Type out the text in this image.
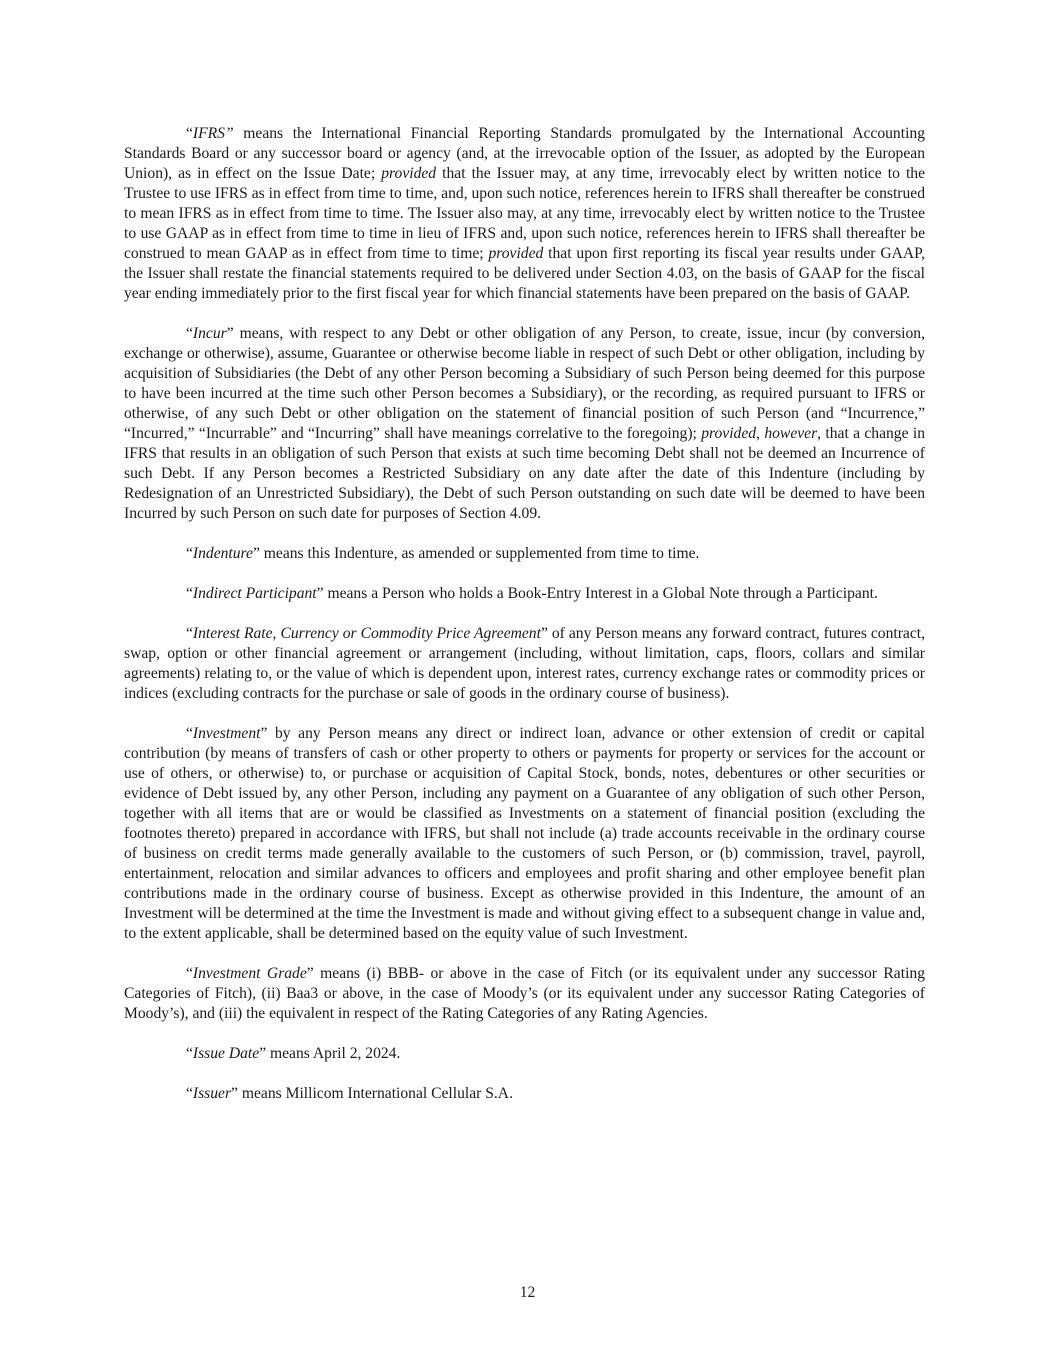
“IFRS” means the International Financial Reporting Standards promulgated by the International Accounting Standards Board or any successor board or agency (and, at the irrevocable option of the Issuer, as adopted by the European Union), as in effect on the Issue Date; provided that the Issuer may, at any time, irrevocably elect by written notice to the Trustee to use IFRS as in effect from time to time, and, upon such notice, references herein to IFRS shall thereafter be construed to mean IFRS as in effect from time to time. The Issuer also may, at any time, irrevocably elect by written notice to the Trustee to use GAAP as in effect from time to time in lieu of IFRS and, upon such notice, references herein to IFRS shall thereafter be construed to mean GAAP as in effect from time to time; provided that upon first reporting its fiscal year results under GAAP, the Issuer shall restate the financial statements required to be delivered under Section 4.03, on the basis of GAAP for the fiscal year ending immediately prior to the first fiscal year for which financial statements have been prepared on the basis of GAAP.

“Incur” means, with respect to any Debt or other obligation of any Person, to create, issue, incur (by conversion, exchange or otherwise), assume, Guarantee or otherwise become liable in respect of such Debt or other obligation, including by acquisition of Subsidiaries (the Debt of any other Person becoming a Subsidiary of such Person being deemed for this purpose to have been incurred at the time such other Person becomes a Subsidiary), or the recording, as required pursuant to IFRS or otherwise, of any such Debt or other obligation on the statement of financial position of such Person (and “Incurrence,” “Incurred,” “Incurrable” and “Incurring” shall have meanings correlative to the foregoing); provided, however, that a change in IFRS that results in an obligation of such Person that exists at such time becoming Debt shall not be deemed an Incurrence of such Debt. If any Person becomes a Restricted Subsidiary on any date after the date of this Indenture (including by Redesignation of an Unrestricted Subsidiary), the Debt of such Person outstanding on such date will be deemed to have been Incurred by such Person on such date for purposes of Section 4.09.

“Indenture” means this Indenture, as amended or supplemented from time to time.

“Indirect Participant” means a Person who holds a Book-Entry Interest in a Global Note through a Participant.

“Interest Rate, Currency or Commodity Price Agreement” of any Person means any forward contract, futures contract, swap, option or other financial agreement or arrangement (including, without limitation, caps, floors, collars and similar agreements) relating to, or the value of which is dependent upon, interest rates, currency exchange rates or commodity prices or indices (excluding contracts for the purchase or sale of goods in the ordinary course of business).

“Investment” by any Person means any direct or indirect loan, advance or other extension of credit or capital contribution (by means of transfers of cash or other property to others or payments for property or services for the account or use of others, or otherwise) to, or purchase or acquisition of Capital Stock, bonds, notes, debentures or other securities or evidence of Debt issued by, any other Person, including any payment on a Guarantee of any obligation of such other Person, together with all items that are or would be classified as Investments on a statement of financial position (excluding the footnotes thereto) prepared in accordance with IFRS, but shall not include (a) trade accounts receivable in the ordinary course of business on credit terms made generally available to the customers of such Person, or (b) commission, travel, payroll, entertainment, relocation and similar advances to officers and employees and profit sharing and other employee benefit plan contributions made in the ordinary course of business. Except as otherwise provided in this Indenture, the amount of an Investment will be determined at the time the Investment is made and without giving effect to a subsequent change in value and, to the extent applicable, shall be determined based on the equity value of such Investment.

“Investment Grade” means (i) BBB- or above in the case of Fitch (or its equivalent under any successor Rating Categories of Fitch), (ii) Baa3 or above, in the case of Moody’s (or its equivalent under any successor Rating Categories of Moody’s), and (iii) the equivalent in respect of the Rating Categories of any Rating Agencies.

“Issue Date” means April 2, 2024.

“Issuer” means Millicom International Cellular S.A.

12
